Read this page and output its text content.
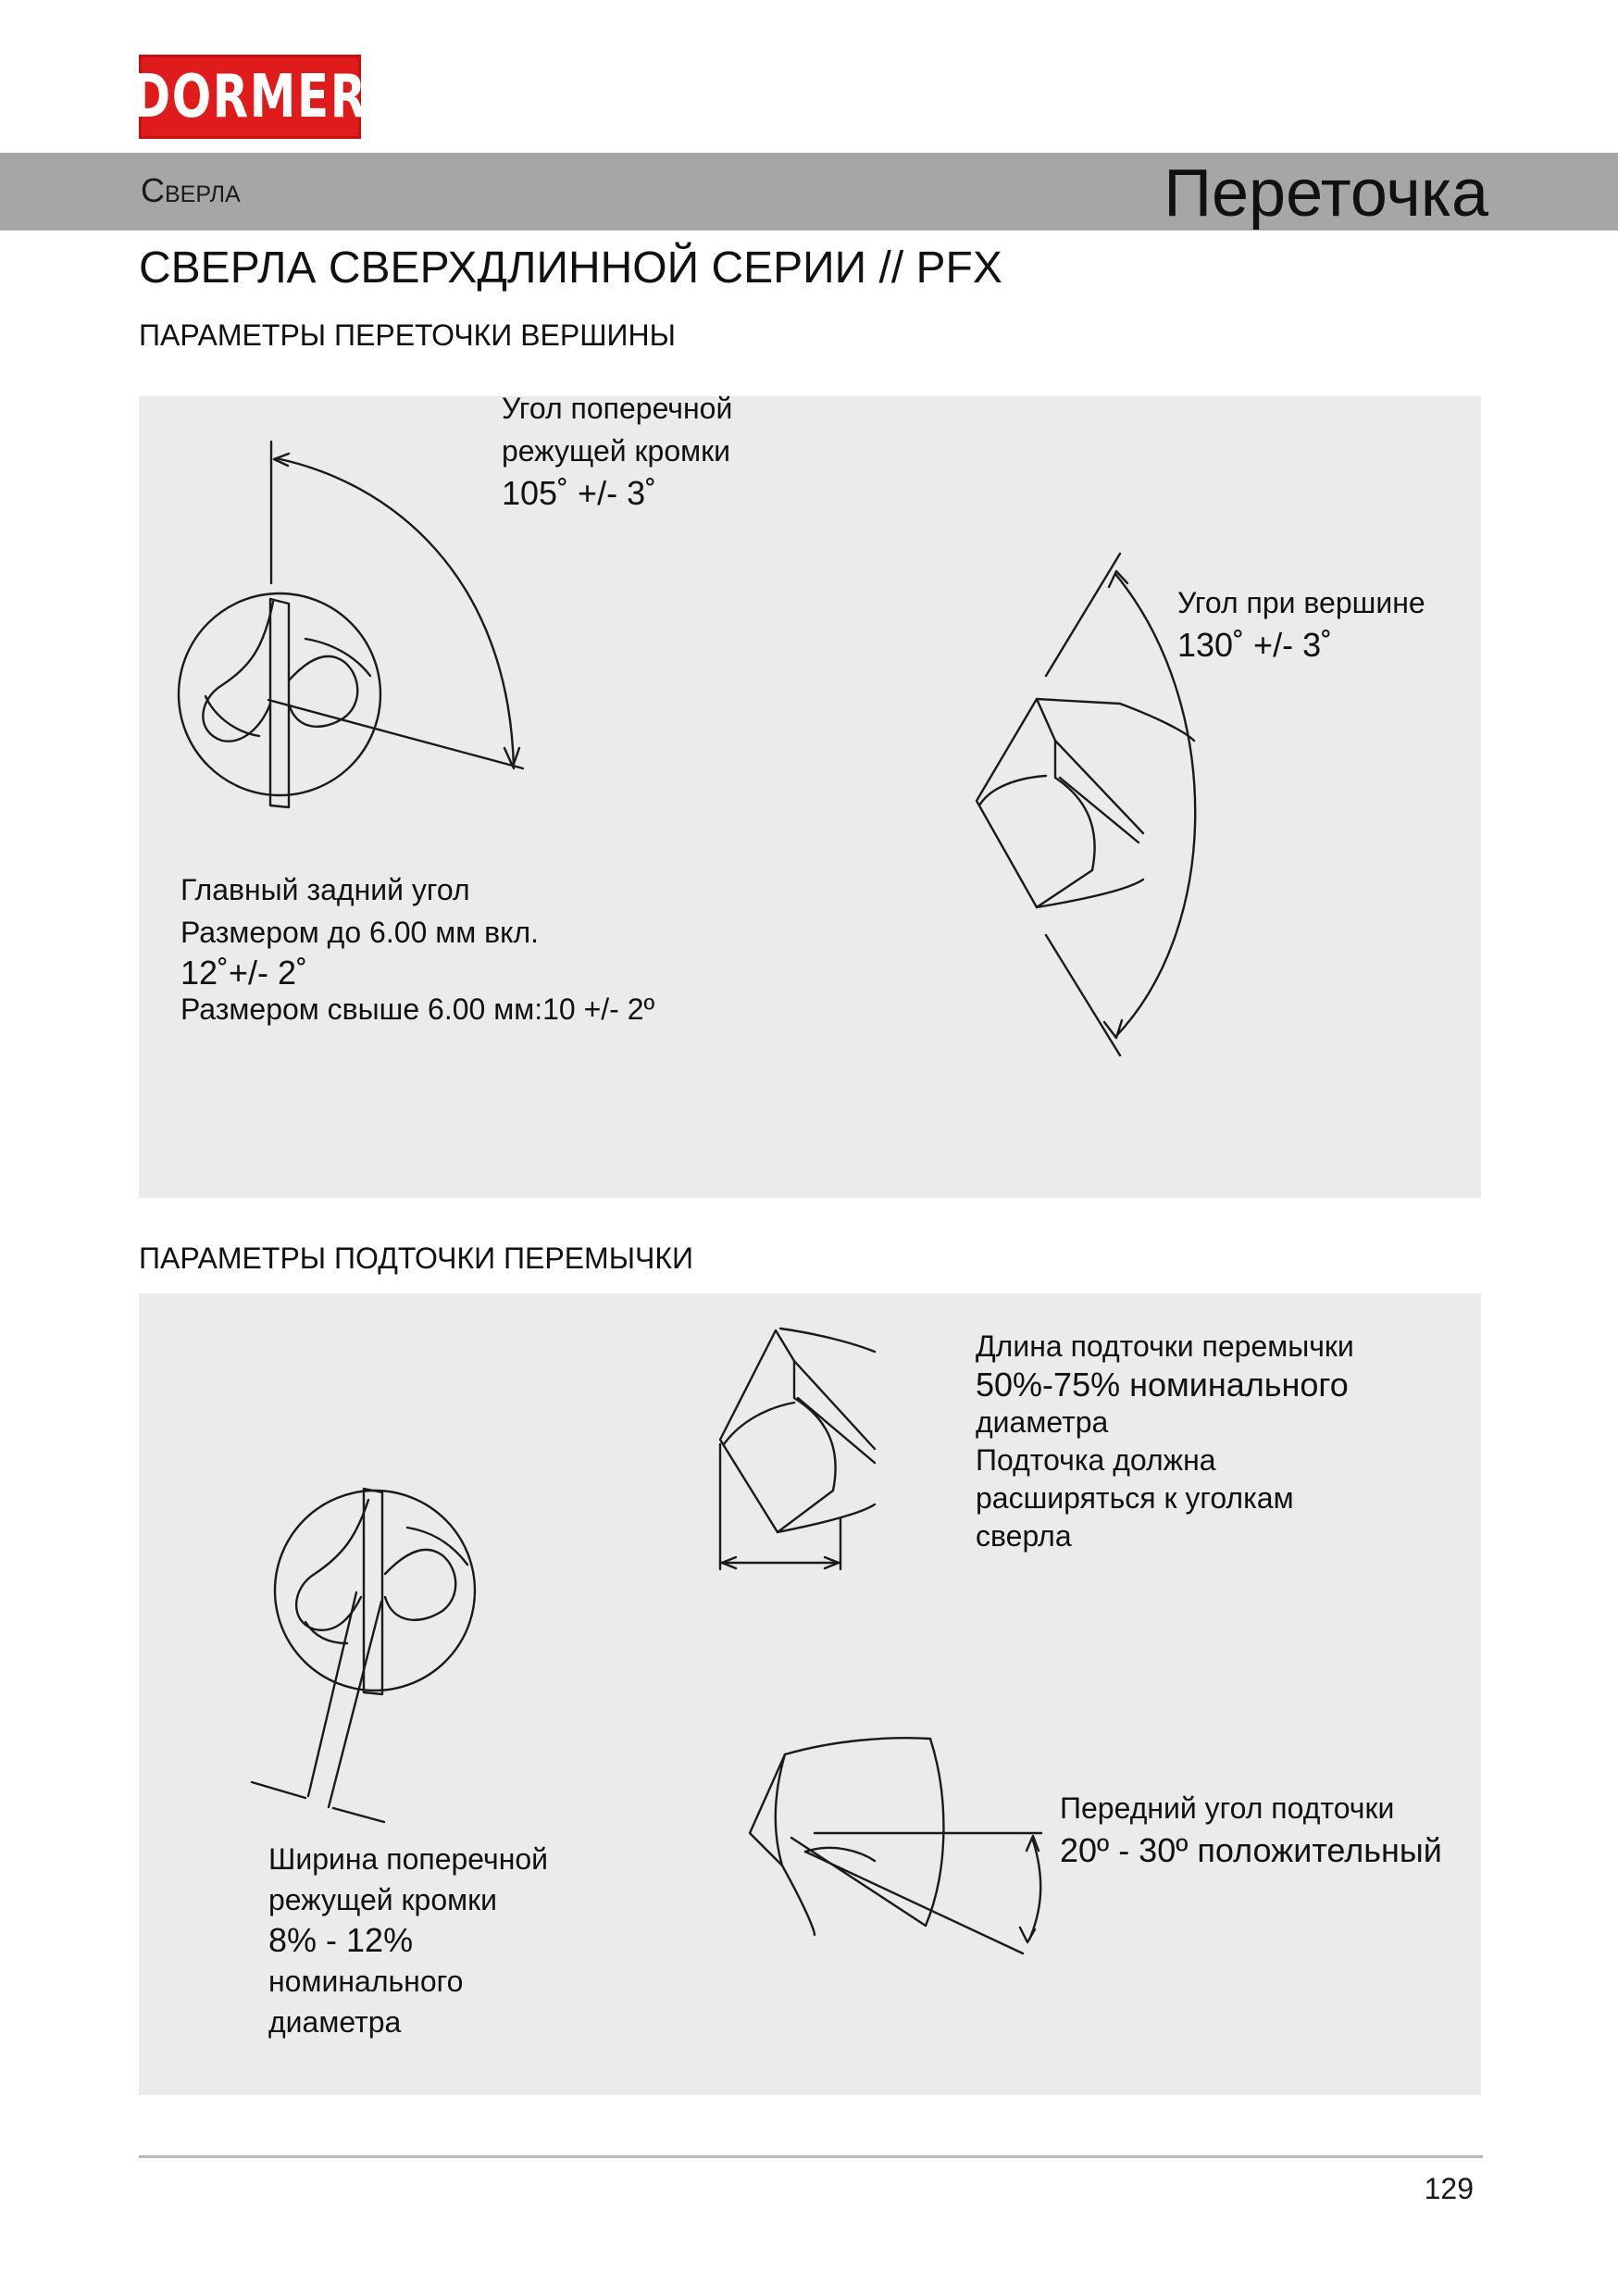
DORMER
Сверла	Переточка
СВЕРЛА СВЕРХДЛИННОЙ СЕРИИ // PFX
ПАРАМЕТРЫ ПЕРЕТОЧКИ ВЕРШИНЫ
ПАРАМЕТРЫ ПОДТОЧКИ ПЕРЕМЫЧКИ
Угол поперечной
режущей кромки
105˚ +/- 3˚
Угол при вершине
130˚ +/- 3˚
Главный задний угол
Размером до 6.00 мм вкл.
12˚+/- 2˚
Размером свыше 6.00 мм:10 +/- 2º
Длина подточки перемычки
50%-75% номинального
диаметра
Подточка должна
расширяться к уголкам
сверла
Ширина поперечной
режущей кромки
8% - 12%
номинального
диаметра
Передний угол подточки
20º - 30º положительный
129
